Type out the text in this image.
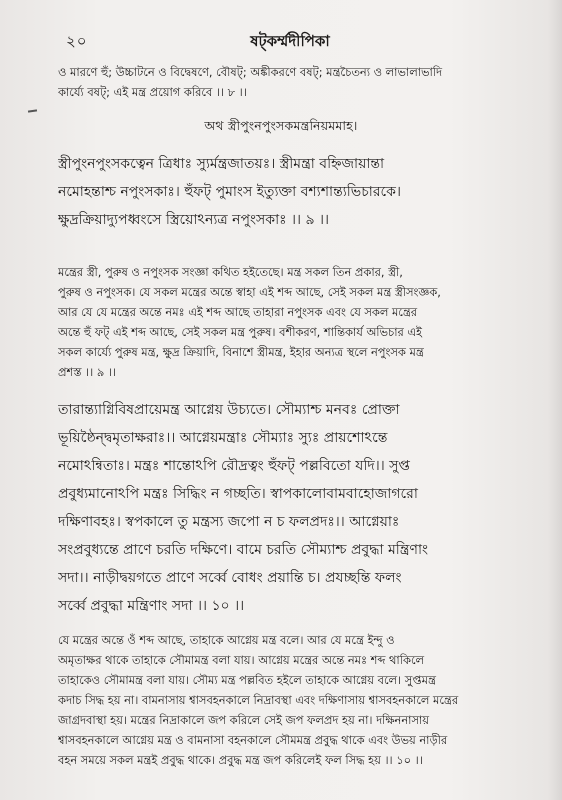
২০	ষট্‌কর্ম্মদীপিকা
ও মারণে হুঁ; উচ্চাটনে ও বিদ্বেষণে, বৌষট্‌; অঙ্কীকরণে বষট্‌; মন্ত্রচৈতন্য ও লাভালাভাদি
কার্য্যে বষট্‌; এই মন্ত্র প্রয়োগ করিবে ।। ৮ ।।
অথ স্ত্রীপুংনপুংসকমন্ত্রনিয়মমাহ।
স্ত্রীপুংনপুংসকত্বেন ত্রিধাঃ স্যুর্মন্ত্রজাতয়ঃ। স্ত্রীমন্ত্রা বহ্নিজায়ান্তা
নমোহন্তাশ্চ নপুংসকাঃ। হুঁফট্‌ পুমাংস ইত্যুক্তা বশ্যশান্ত্যভিচারকে।
ক্ষুদ্রক্রিয়াদ্যুপধ্বংসে স্ত্রিয়োঽন্যত্র নপুংসকাঃ ।। ৯ ।।
মন্ত্রের স্ত্রী, পুরুষ ও নপুংসক সংজ্ঞা কথিত হইতেছে। মন্ত্র সকল তিন প্রকার, স্ত্রী,
পুরুষ ও নপুংসক। যে সকল মন্ত্রের অন্তে স্বাহা এই শব্দ আছে, সেই সকল মন্ত্র স্ত্রীসংজ্ঞক,
আর যে যে মন্ত্রের অন্তে নমঃ এই শব্দ আছে তাহারা নপুংসক এবং যে সকল মন্ত্রের
অন্তে হুঁ ফট্‌ এই শব্দ আছে, সেই সকল মন্ত্র পুরুষ। বশীকরণ, শান্তিকার্য অভিচার এই
সকল কার্য্যে পুরুষ মন্ত্র, ক্ষুদ্র ক্রিয়াদি, বিনাশে স্ত্রীমন্ত্র, ইহার অন্যত্র স্থলে নপুংসক মন্ত্র
প্রশস্ত ।। ৯ ।।
তারান্ত্যাগ্নিবিষপ্রায়েমন্ত্র আগ্নেয় উচ্যতে। সৌম্যাশ্চ মনবঃ প্রোক্তা
ভূয়িষ্ঠৈন্দ্বমৃতাক্ষরাঃ।। আগ্নেয়মন্ত্রাঃ সৌম্যাঃ স্যুঃ প্রায়শোঽন্তে
নমোঽন্বিতাঃ। মন্ত্রঃ শান্তোঽপি রৌদ্রত্বং হুঁফট্‌ পল্লবিতো যদি।। সুপ্ত
প্রবুধ্যমানোঽপি মন্ত্রঃ সিদ্ধিং ন গচ্ছতি। স্বাপকালোবামবাহোজাগরো
দক্ষিণাবহঃ। স্বপকালে তু মন্ত্রস্য জপো ন চ ফলপ্রদঃ।। আগ্নেয়াঃ
সংপ্রবুধ্যন্তে প্রাণে চরতি দক্ষিণে। বামে চরতি সৌম্যাশ্চ প্রবুদ্ধা মন্ত্রিণাং
সদা।। নাড়ীদ্বয়গতে প্রাণে সর্ব্বে বোধং প্রয়ান্তি চ। প্রযচ্ছন্তি ফলং
সর্ব্বে প্রবুদ্ধা মন্ত্রিণাং সদা ।। ১০ ।।
যে মন্ত্রের অন্তে ওঁ শব্দ আছে, তাহাকে আগ্নেয় মন্ত্র বলে। আর যে মন্ত্রে ইন্দু ও
অমৃতাক্ষর থাকে তাহাকে সৌমামন্ত্র বলা যায়। আগ্নেয় মন্ত্রের অন্তে নমঃ শব্দ থাকিলে
তাহাকেও সৌমামন্ত্র বলা যায়। সৌম্য মন্ত্র পল্লবিত হইলে তাহাকে আগ্নেয় বলে। সুপ্তমন্ত্র
কদাচ সিদ্ধ হয় না। বামনাসায় শ্বাসবহনকালে নিদ্রাবস্থা এবং দক্ষিণাসায় শ্বাসবহনকালে মন্ত্রের
জাগ্রদবাস্থা হয়। মন্ত্রের নিদ্রাকালে জপ করিলে সেই জপ ফলপ্রদ হয় না। দক্ষিননাসায়
শ্বাসবহনকালে আগ্নেয় মন্ত্র ও বামনাসা বহনকালে সৌমমন্ত্র প্রবুদ্ধ থাকে এবং উভয় নাড়ীর
বহন সময়ে সকল মন্ত্রই প্রবুদ্ধ থাকে। প্রবুদ্ধ মন্ত্র জপ করিলেই ফল সিদ্ধ হয় ।। ১০ ।।
